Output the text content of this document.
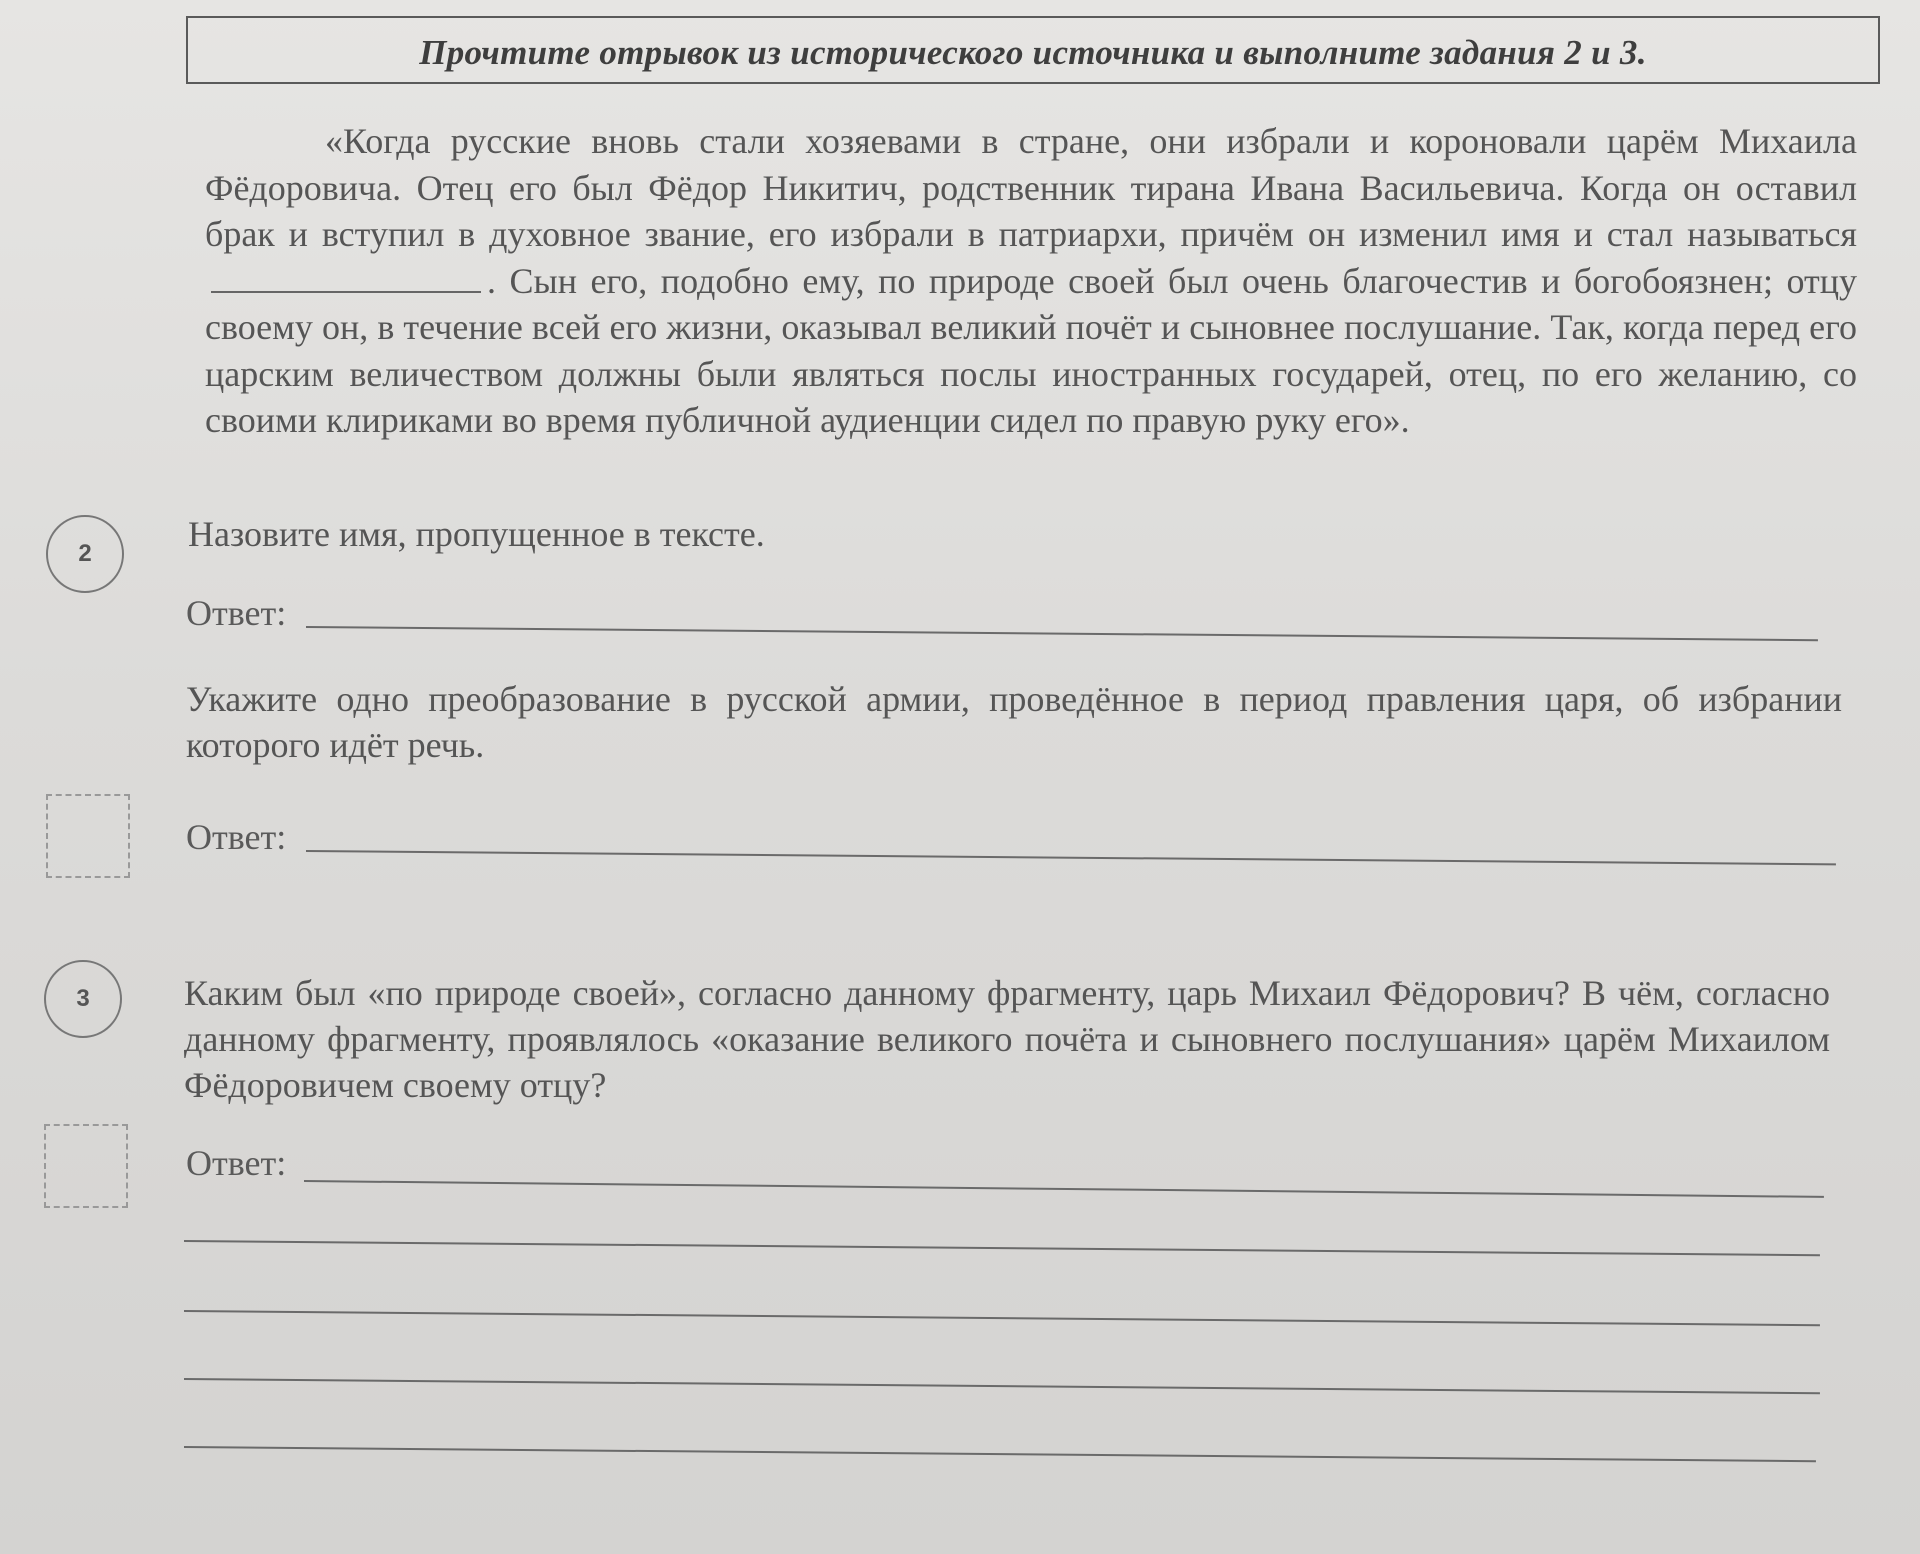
Прочтите отрывок из исторического источника и выполните задания 2 и 3.

«Когда русские вновь стали хозяевами в стране, они избрали и короновали царём Михаила Фёдоровича. Отец его был Фёдор Никитич, родственник тирана Ивана Васильевича. Когда он оставил брак и вступил в духовное звание, его избрали в патриархи, причём он изменил имя и стал называться. Сын его, подобно ему, по природе своей был очень благочестив и богобоязнен; отцу своему он, в течение всей его жизни, оказывал великий почёт и сыновнее послушание. Так, когда перед его царским величеством должны были являться послы иностранных государей, отец, по его желанию, со своими клириками во время публичной аудиенции сидел по правую руку его».

2	Назовите имя, пропущенное в тексте.
Ответ:
Укажите одно преобразование в русской армии, проведённое в период правления царя, об избрании которого идёт речь.
Ответ:
3	Каким был «по природе своей», согласно данному фрагменту, царь Михаил Фёдорович? В чём, согласно данному фрагменту, проявлялось «оказание великого почёта и сыновнего послушания» царём Михаилом Фёдоровичем своему отцу?
Ответ:
